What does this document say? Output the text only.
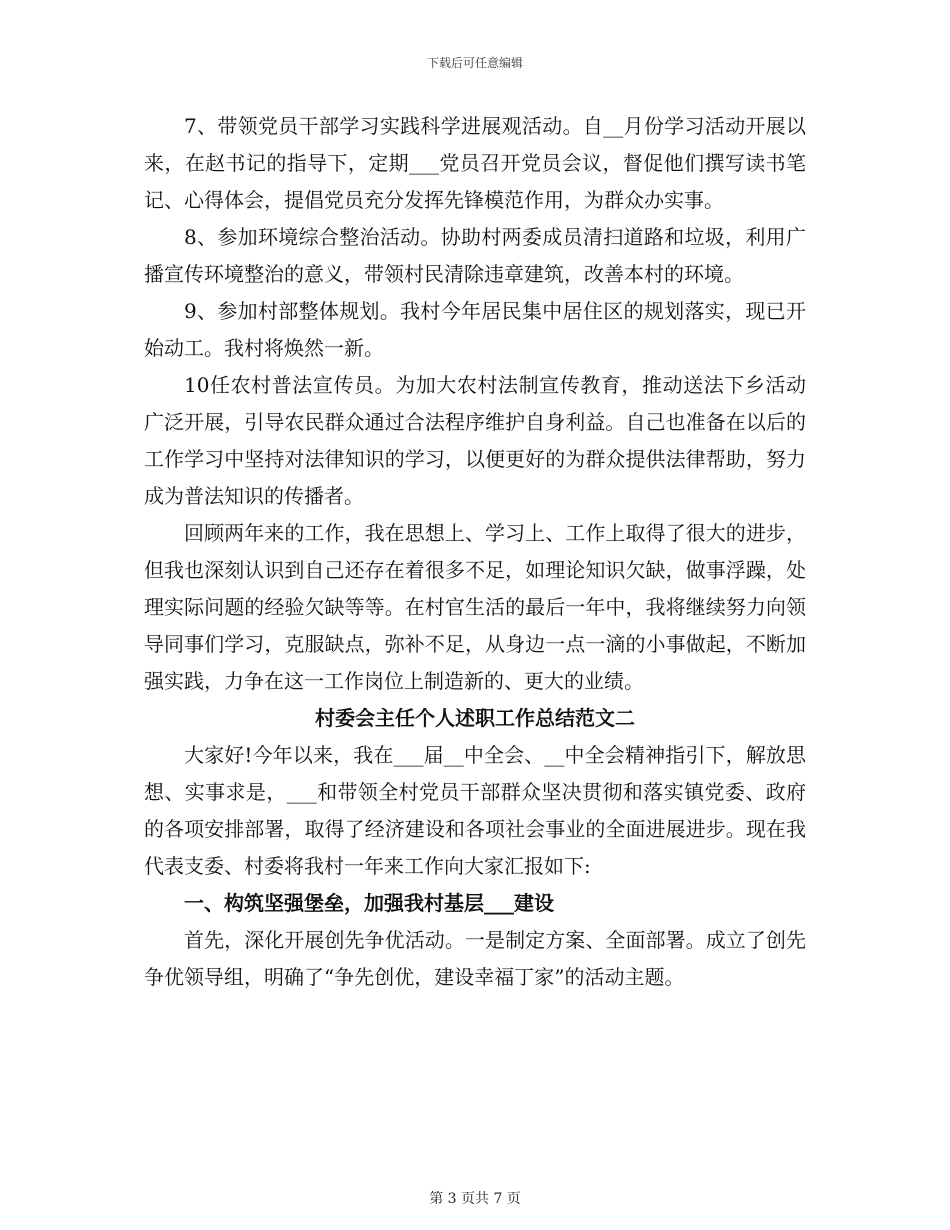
下载后可任意编辑

7、带领党员干部学习实践科学进展观活动。自__月份学习活动开展以来，在赵书记的指导下，定期___党员召开党员会议，督促他们撰写读书笔记、心得体会，提倡党员充分发挥先锋模范作用，为群众办实事。

8、参加环境综合整治活动。协助村两委成员清扫道路和垃圾，利用广播宣传环境整治的意义，带领村民清除违章建筑，改善本村的环境。

9、参加村部整体规划。我村今年居民集中居住区的规划落实，现已开始动工。我村将焕然一新。

10任农村普法宣传员。为加大农村法制宣传教育，推动送法下乡活动广泛开展，引导农民群众通过合法程序维护自身利益。自己也准备在以后的工作学习中坚持对法律知识的学习，以便更好的为群众提供法律帮助，努力成为普法知识的传播者。

回顾两年来的工作，我在思想上、学习上、工作上取得了很大的进步，但我也深刻认识到自己还存在着很多不足，如理论知识欠缺，做事浮躁，处理实际问题的经验欠缺等等。在村官生活的最后一年中，我将继续努力向领导同事们学习，克服缺点，弥补不足，从身边一点一滴的小事做起，不断加强实践，力争在这一工作岗位上制造新的、更大的业绩。

村委会主任个人述职工作总结范文二

大家好!今年以来，我在___届__中全会、__中全会精神指引下，解放思想、实事求是，___和带领全村党员干部群众坚决贯彻和落实镇党委、政府的各项安排部署，取得了经济建设和各项社会事业的全面进展进步。现在我代表支委、村委将我村一年来工作向大家汇报如下:

一、构筑坚强堡垒，加强我村基层___建设

首先，深化开展创先争优活动。一是制定方案、全面部署。成立了创先争优领导组，明确了“争先创优，建设幸福丁家”的活动主题。

第 3 页共 7 页
